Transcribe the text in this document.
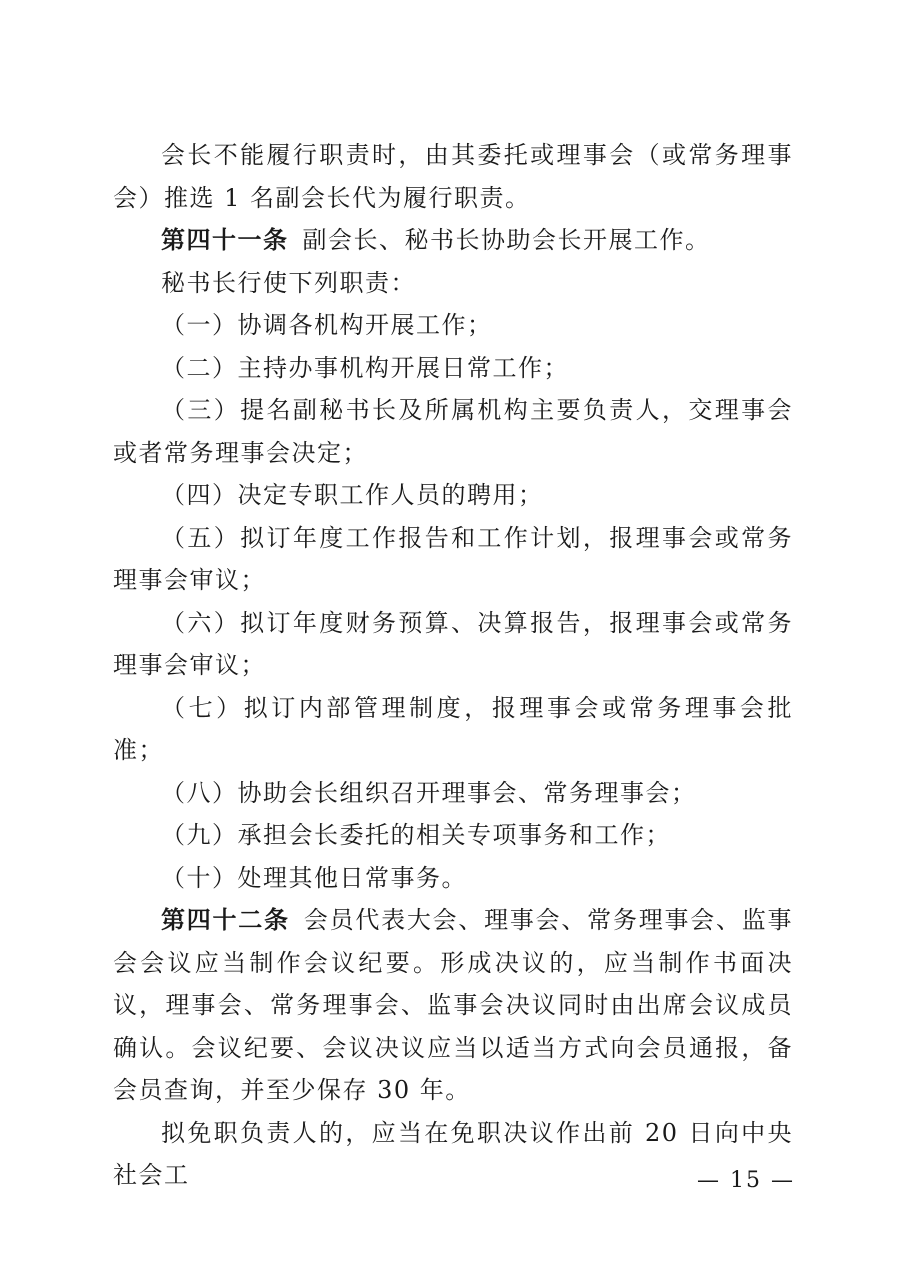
会长不能履行职责时，由其委托或理事会（或常务理事会）推选 1 名副会长代为履行职责。

第四十一条 副会长、秘书长协助会长开展工作。

秘书长行使下列职责：

（一）协调各机构开展工作；

（二）主持办事机构开展日常工作；

（三）提名副秘书长及所属机构主要负责人，交理事会或者常务理事会决定；

（四）决定专职工作人员的聘用；

（五）拟订年度工作报告和工作计划，报理事会或常务理事会审议；

（六）拟订年度财务预算、决算报告，报理事会或常务理事会审议；

（七）拟订内部管理制度，报理事会或常务理事会批准；

（八）协助会长组织召开理事会、常务理事会；

（九）承担会长委托的相关专项事务和工作；

（十）处理其他日常事务。

第四十二条 会员代表大会、理事会、常务理事会、监事会会议应当制作会议纪要。形成决议的，应当制作书面决议，理事会、常务理事会、监事会决议同时由出席会议成员确认。会议纪要、会议决议应当以适当方式向会员通报，备会员查询，并至少保存 30 年。

拟免职负责人的，应当在免职决议作出前 20 日向中央社会工	— 15 —
